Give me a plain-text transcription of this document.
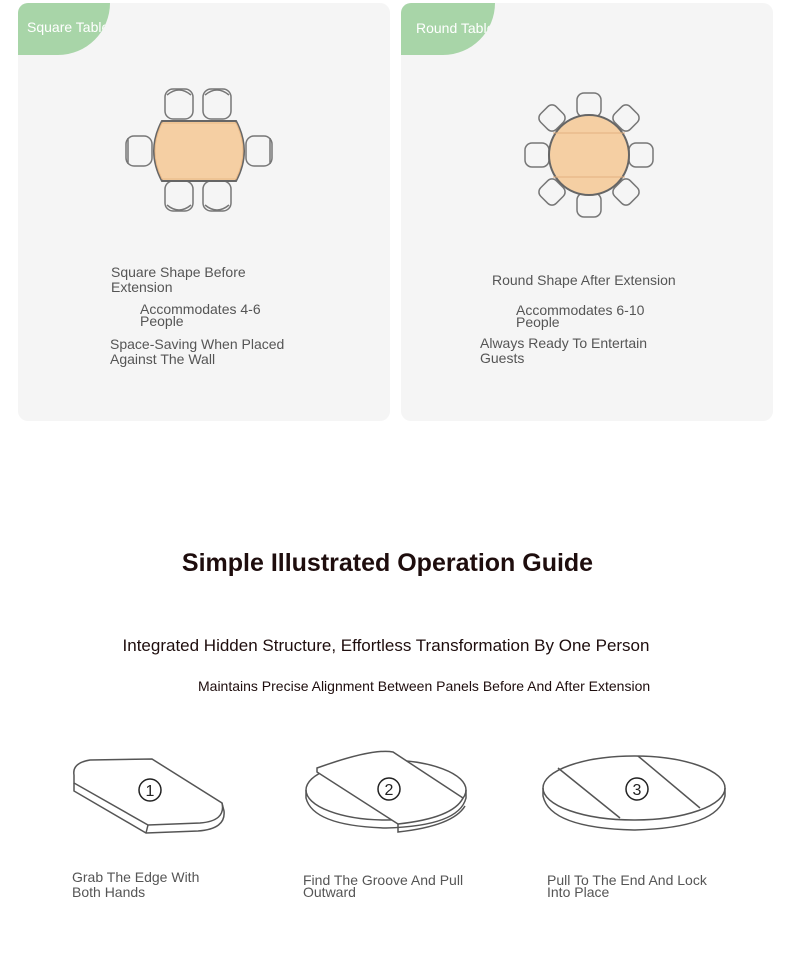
Square Table
Square Shape Before Extension
Accommodates 4-6 People
Space-Saving When Placed Against The Wall
Round Table
Round Shape After Extension
Accommodates 6-10 People
Always Ready To Entertain Guests
Simple Illustrated Operation Guide
Integrated Hidden Structure, Effortless Transformation By One Person
Maintains Precise Alignment Between Panels Before And After Extension
1
Grab The Edge With Both Hands
2
Find The Groove And Pull Outward
3
Pull To The End And Lock Into Place
